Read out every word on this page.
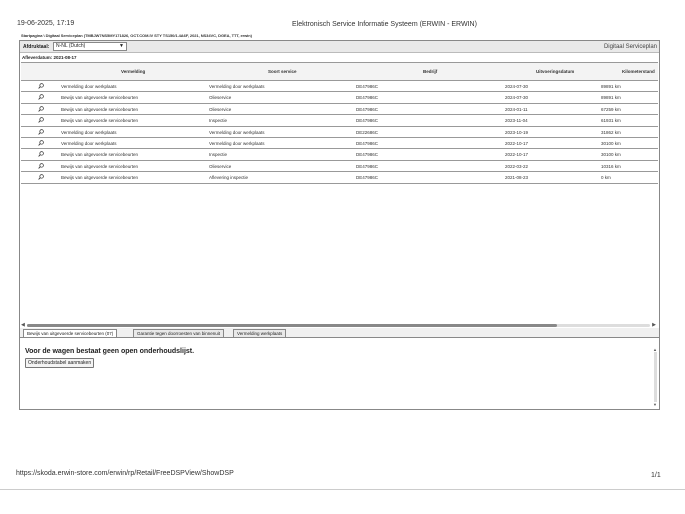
19-06-2025, 17:19	Elektronisch Service Informatie Systeem (ERWIN - ERWIN)
Startpagina \ Digitaal Serviceplan (TMBJW7NS5MY171826, OCT.COM.IV STY TS150/1.4A6F, 2021, NS34VC, DGEA, TTT, erwin)
Afdruktaal:	N-NL (Dutch)	▼	Digitaal Serviceplan
Afleverdatum: 2021-08-17
Vermelding	Soort service	Bedrijf	Uitvoeringsdatum	Kilometerstand
Vermelding door werkplaats	Vermelding door werkplaats	DE47986C	2024-07-30	89891 km
Bewijs van uitgevoerde servicebeurten	Olieservice	DE47986C	2024-07-30	89891 km
Bewijs van uitgevoerde servicebeurten	Olieservice	DE47986C	2024-01-11	67259 km
Bewijs van uitgevoerde servicebeurten	Inspectie	DE47986C	2023-11-04	61931 km
Vermelding door werkplaats	Vermelding door werkplaats	DE22686C	2023-10-19	31862 km
Vermelding door werkplaats	Vermelding door werkplaats	DE47986C	2022-10-17	30100 km
Bewijs van uitgevoerde servicebeurten	Inspectie	DE47986C	2022-10-17	30100 km
Bewijs van uitgevoerde servicebeurten	Olieservice	DE47986C	2022-03-22	10316 km
Bewijs van uitgevoerde servicebeurten	Aflevering inspectie	DE47986C	2021-08-23	0 km
◀	▶
Bewijs van uitgevoerde servicebeurten (07)	Garantie tegen doorroesten van binnenuit	Vermelding werkplaats
Voor de wagen bestaat geen open onderhoudslijst.
Onderhoudstabel aanmaken
▲
▼
https://skoda.erwin-store.com/erwin/rp/Retail/FreeDSPView/ShowDSP	1/1
